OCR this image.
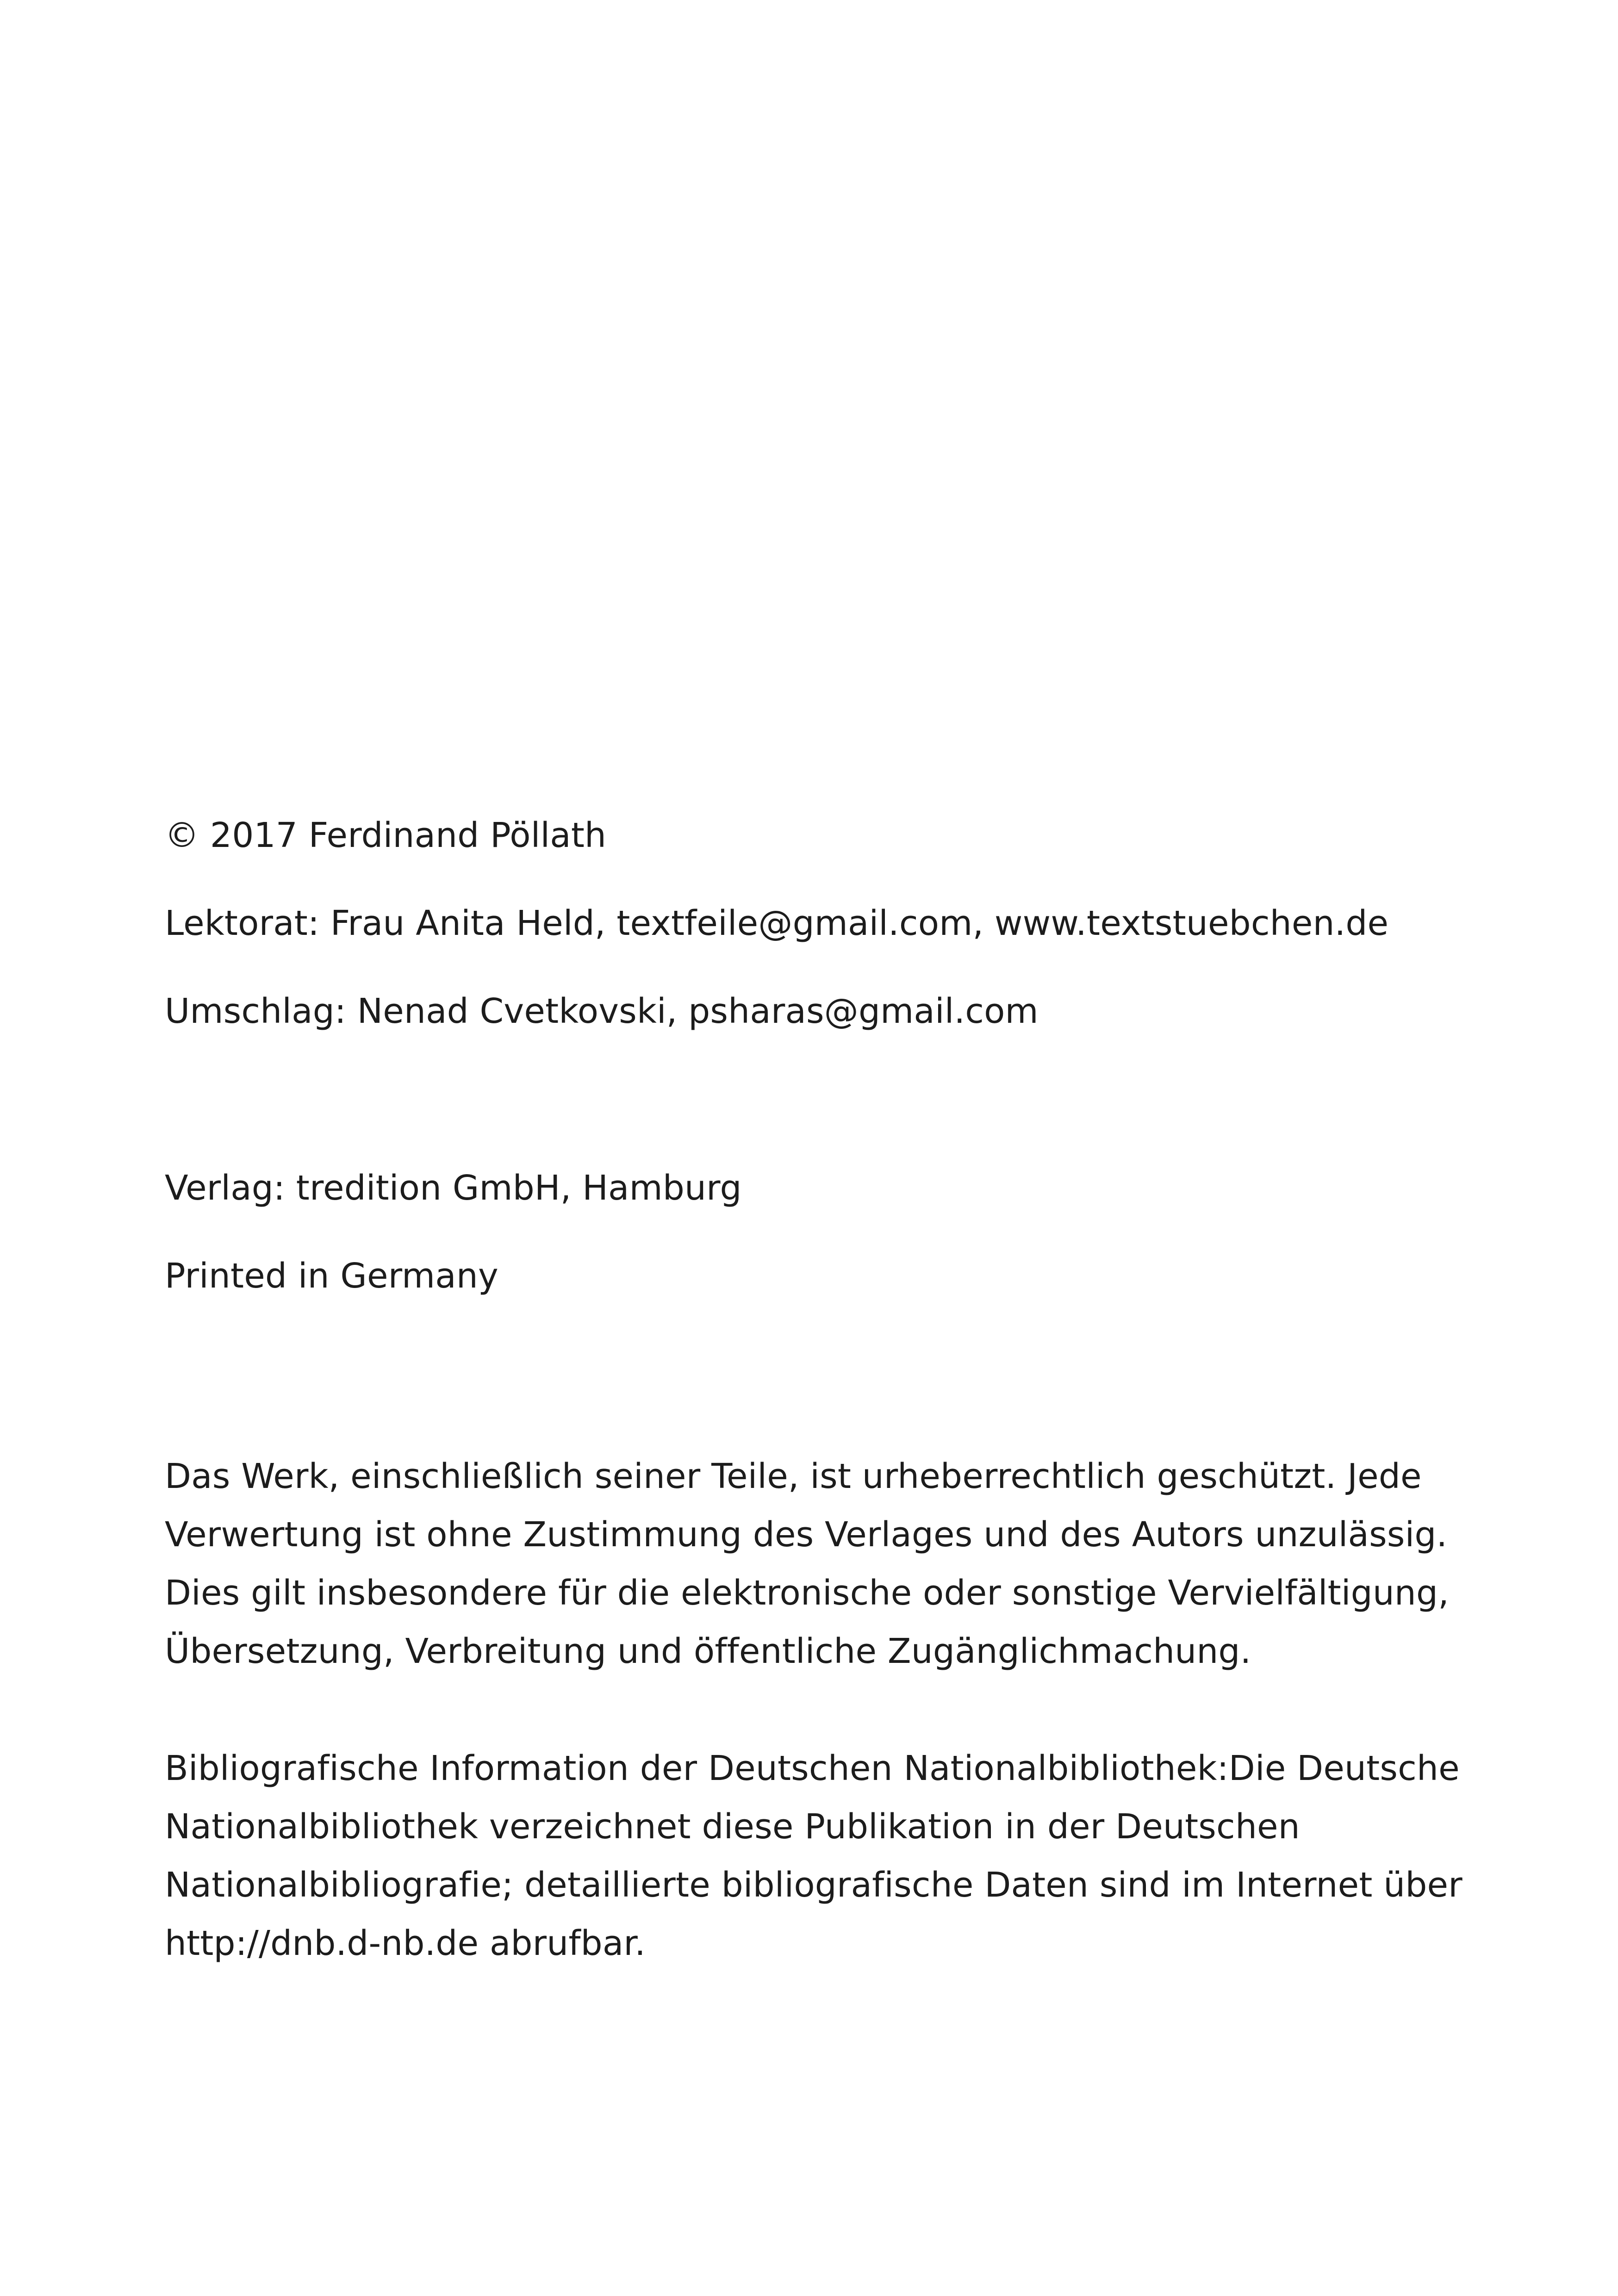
© 2017 Ferdinand Pöllath

Lektorat: Frau Anita Held, textfeile@gmail.com, www.textstuebchen.de

Umschlag: Nenad Cvetkovski, psharas@gmail.com

Verlag: tredition GmbH, Hamburg

Printed in Germany

Das Werk, einschließlich seiner Teile, ist urheberrechtlich geschützt. Jede
Verwertung ist ohne Zustimmung des Verlages und des Autors unzulässig.
Dies gilt insbesondere für die elektronische oder sonstige Vervielfältigung,
Übersetzung, Verbreitung und öffentliche Zugänglichmachung.
Bibliografische Information der Deutschen Nationalbibliothek:Die Deutsche
Nationalbibliothek verzeichnet diese Publikation in der Deutschen
Nationalbibliografie; detaillierte bibliografische Daten sind im Internet über
http://dnb.d-nb.de abrufbar.
